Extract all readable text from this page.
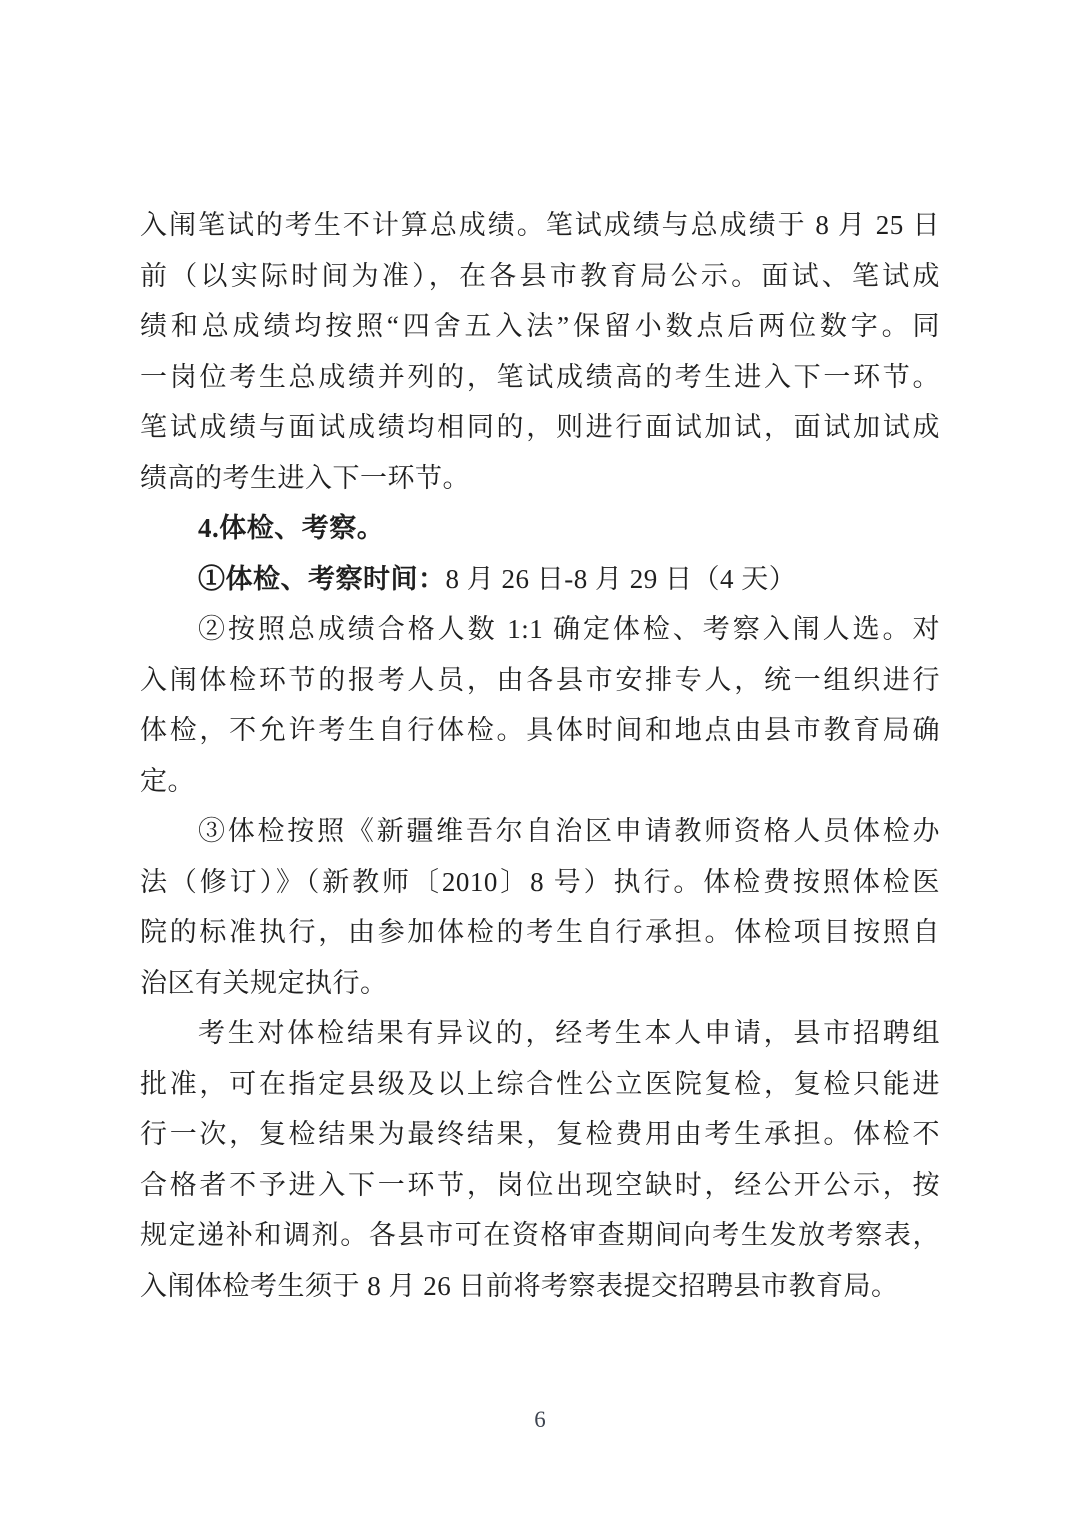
入闱笔试的考生不计算总成绩。笔试成绩与总成绩于 8 月 25 日
前（以实际时间为准），在各县市教育局公示。面试、笔试成
绩和总成绩均按照“四舍五入法”保留小数点后两位数字。同
一岗位考生总成绩并列的，笔试成绩高的考生进入下一环节。
笔试成绩与面试成绩均相同的，则进行面试加试，面试加试成
绩高的考生进入下一环节。
4.体检、考察。
①体检、考察时间：8 月 26 日-8 月 29 日（4 天）
②按照总成绩合格人数 1:1 确定体检、考察入闱人选。对
入闱体检环节的报考人员，由各县市安排专人，统一组织进行
体检，不允许考生自行体检。具体时间和地点由县市教育局确
定。
③体检按照《新疆维吾尔自治区申请教师资格人员体检办
法（修订）》（新教师〔2010〕8 号）执行。体检费按照体检医
院的标准执行，由参加体检的考生自行承担。体检项目按照自
治区有关规定执行。
考生对体检结果有异议的，经考生本人申请，县市招聘组
批准，可在指定县级及以上综合性公立医院复检，复检只能进
行一次，复检结果为最终结果，复检费用由考生承担。体检不
合格者不予进入下一环节，岗位出现空缺时，经公开公示，按
规定递补和调剂。各县市可在资格审查期间向考生发放考察表，
入闱体检考生须于 8 月 26 日前将考察表提交招聘县市教育局。
6
